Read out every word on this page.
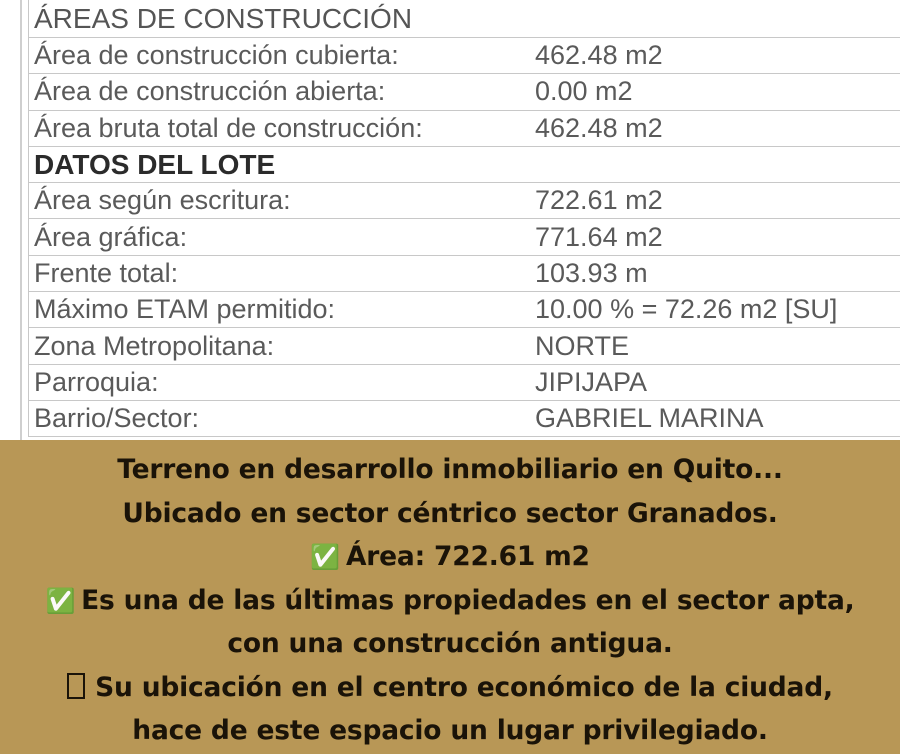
ÁREAS DE CONSTRUCCIÓN
Área de construcción cubierta:	462.48 m2
Área de construcción abierta:	0.00 m2
Área bruta total de construcción:	462.48 m2
DATOS DEL LOTE
Área según escritura:	722.61 m2
Área gráfica:	771.64 m2
Frente total:	103.93 m
Máximo ETAM permitido:	10.00 % = 72.26 m2 [SU]
Zona Metropolitana:	NORTE
Parroquia:	JIPIJAPA
Barrio/Sector:	GABRIEL MARINA
Terreno en desarrollo inmobiliario en Quito...
Ubicado en sector céntrico sector Granados.
✅ Área: 722.61 m2
✅ Es una de las últimas propiedades en el sector apta,
con una construcción antigua.
Su ubicación en el centro económico de la ciudad,
hace de este espacio un lugar privilegiado.
